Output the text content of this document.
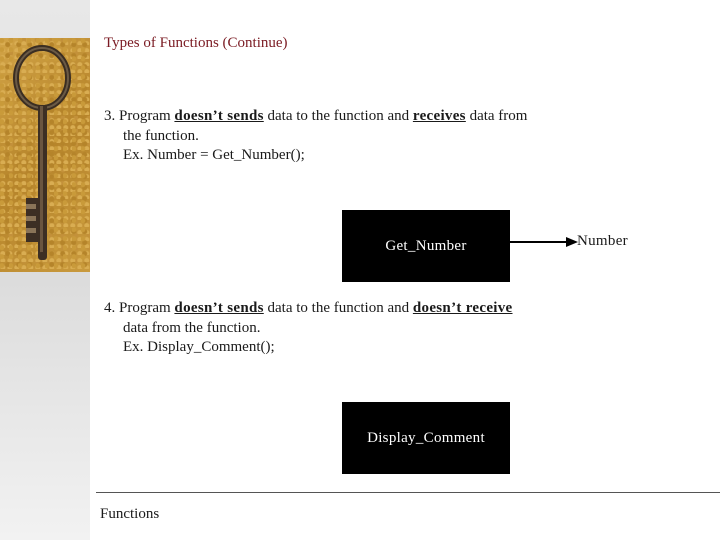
Types of Functions (Continue)
3. Program doesn’t sends data to the function and receives data from
the function.
Ex. Number = Get_Number();
Get_Number	Number
4. Program doesn’t sends data to the function and doesn’t receive
data from the function.
Ex. Display_Comment();
Display_Comment
Functions
